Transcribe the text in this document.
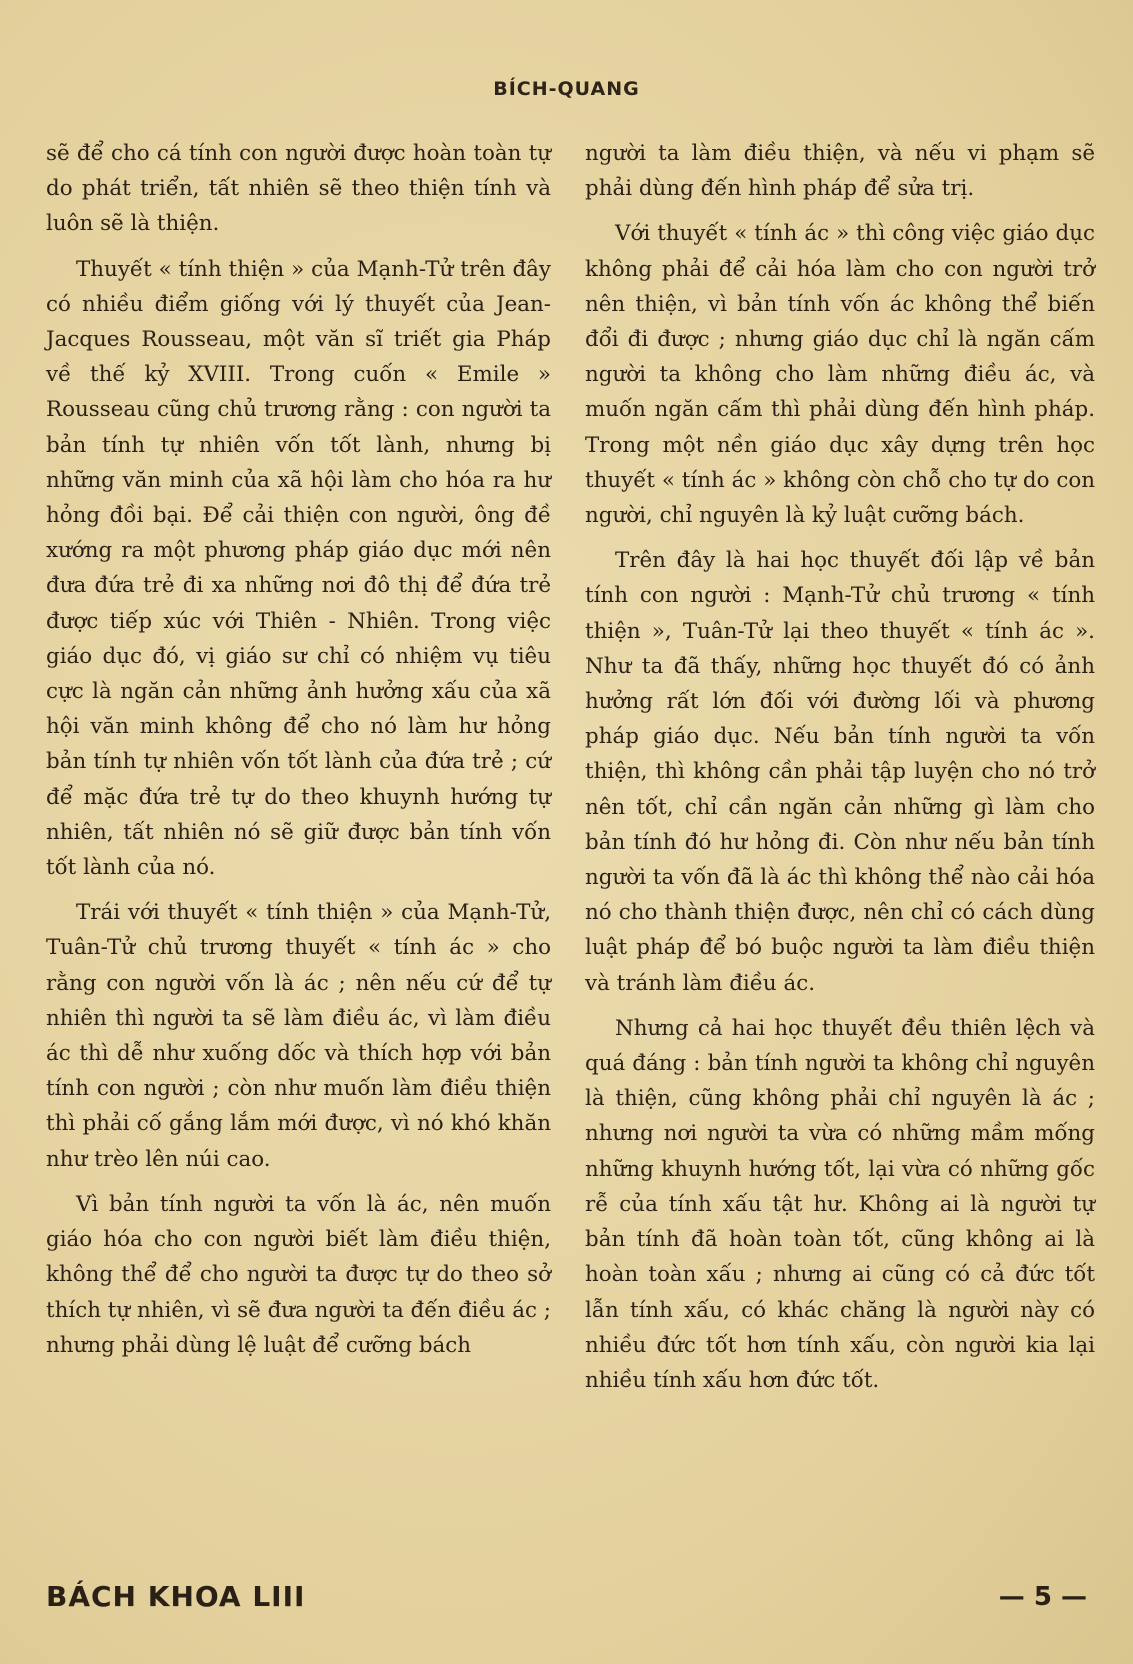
BÍCH-QUANG

sẽ để cho cá tính con người được hoàn toàn tự do phát triển, tất nhiên sẽ theo thiện tính và luôn sẽ là thiện.

Thuyết « tính thiện » của Mạnh-Tử trên đây có nhiều điểm giống với lý thuyết của Jean-Jacques Rousseau, một văn sĩ triết gia Pháp về thế kỷ XVIII. Trong cuốn « Emile » Rousseau cũng chủ trương rằng : con người ta bản tính tự nhiên vốn tốt lành, nhưng bị những văn minh của xã hội làm cho hóa ra hư hỏng đồi bại. Để cải thiện con người, ông đề xướng ra một phương pháp giáo dục mới nên đưa đứa trẻ đi xa những nơi đô thị để đứa trẻ được tiếp xúc với Thiên - Nhiên. Trong việc giáo dục đó, vị giáo sư chỉ có nhiệm vụ tiêu cực là ngăn cản những ảnh hưởng xấu của xã hội văn minh không để cho nó làm hư hỏng bản tính tự nhiên vốn tốt lành của đứa trẻ ; cứ để mặc đứa trẻ tự do theo khuynh hướng tự nhiên, tất nhiên nó sẽ giữ được bản tính vốn tốt lành của nó.

Trái với thuyết « tính thiện » của Mạnh-Tử, Tuân-Tử chủ trương thuyết « tính ác » cho rằng con người vốn là ác ; nên nếu cứ để tự nhiên thì người ta sẽ làm điều ác, vì làm điều ác thì dễ như xuống dốc và thích hợp với bản tính con người ; còn như muốn làm điều thiện thì phải cố gắng lắm mới được, vì nó khó khăn như trèo lên núi cao.

Vì bản tính người ta vốn là ác, nên muốn giáo hóa cho con người biết làm điều thiện, không thể để cho người ta được tự do theo sở thích tự nhiên, vì sẽ đưa người ta đến điều ác ; nhưng phải dùng lệ luật để cưỡng bách

người ta làm điều thiện, và nếu vi phạm sẽ phải dùng đến hình pháp để sửa trị.

Với thuyết « tính ác » thì công việc giáo dục không phải để cải hóa làm cho con người trở nên thiện, vì bản tính vốn ác không thể biến đổi đi được ; nhưng giáo dục chỉ là ngăn cấm người ta không cho làm những điều ác, và muốn ngăn cấm thì phải dùng đến hình pháp. Trong một nền giáo dục xây dựng trên học thuyết « tính ác » không còn chỗ cho tự do con người, chỉ nguyên là kỷ luật cưỡng bách.

Trên đây là hai học thuyết đối lập về bản tính con người : Mạnh-Tử chủ trương « tính thiện », Tuân-Tử lại theo thuyết « tính ác ». Như ta đã thấy, những học thuyết đó có ảnh hưởng rất lớn đối với đường lối và phương pháp giáo dục. Nếu bản tính người ta vốn thiện, thì không cần phải tập luyện cho nó trở nên tốt, chỉ cần ngăn cản những gì làm cho bản tính đó hư hỏng đi. Còn như nếu bản tính người ta vốn đã là ác thì không thể nào cải hóa nó cho thành thiện được, nên chỉ có cách dùng luật pháp để bó buộc người ta làm điều thiện và tránh làm điều ác.

Nhưng cả hai học thuyết đều thiên lệch và quá đáng : bản tính người ta không chỉ nguyên là thiện, cũng không phải chỉ nguyên là ác ; nhưng nơi người ta vừa có những mầm mống những khuynh hướng tốt, lại vừa có những gốc rễ của tính xấu tật hư. Không ai là người tự bản tính đã hoàn toàn tốt, cũng không ai là hoàn toàn xấu ; nhưng ai cũng có cả đức tốt lẫn tính xấu, có khác chăng là người này có nhiều đức tốt hơn tính xấu, còn người kia lại nhiều tính xấu hơn đức tốt.

BÁCH KHOA LIII	— 5 —
